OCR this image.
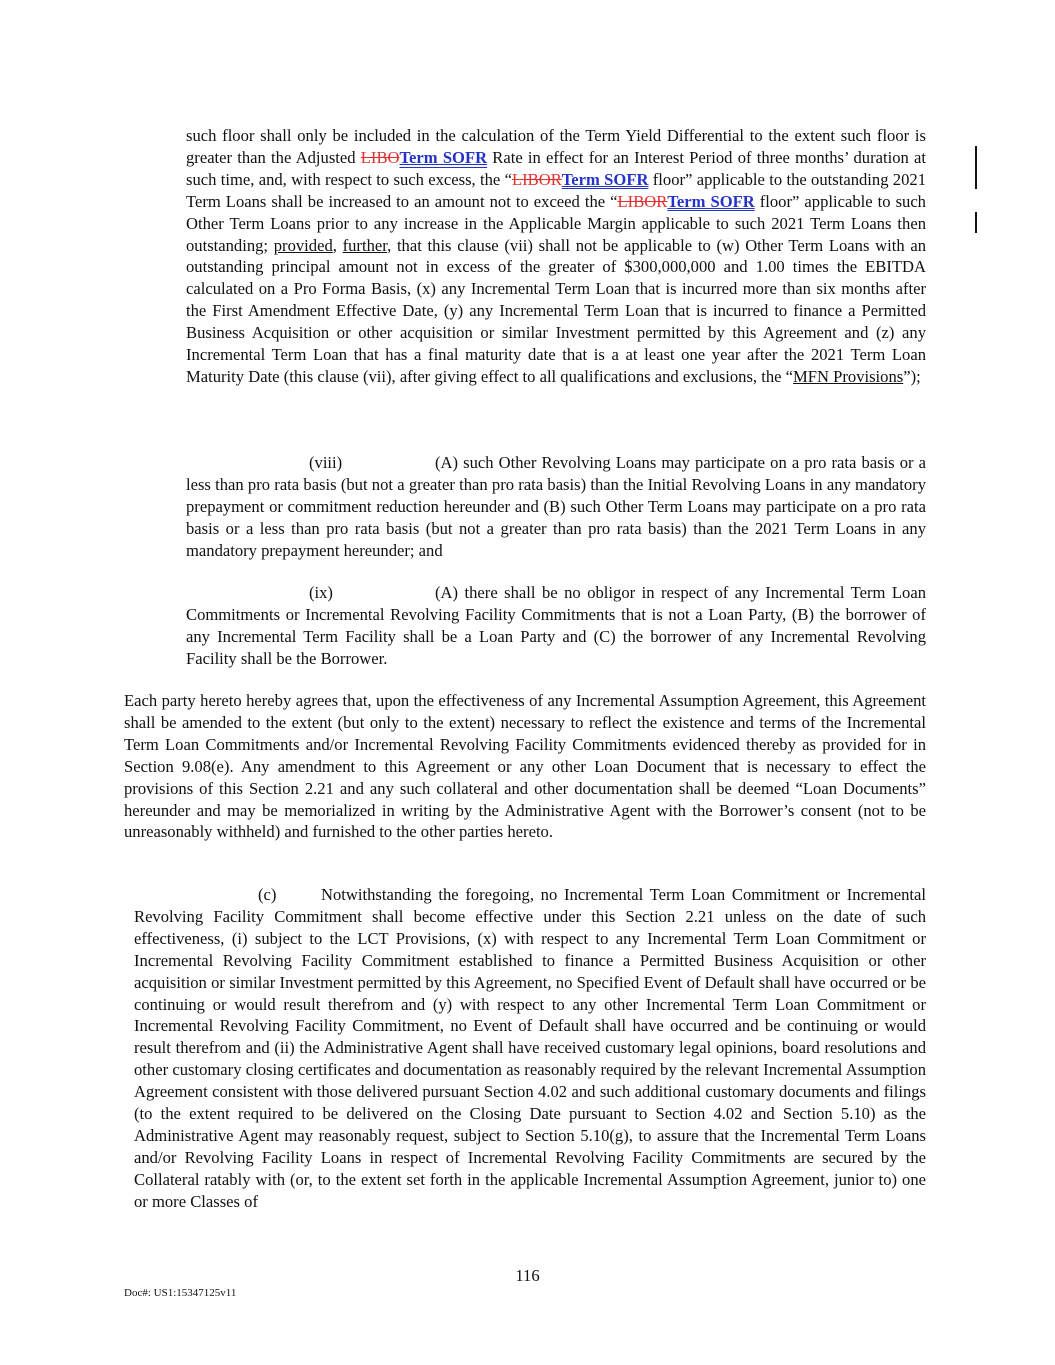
such floor shall only be included in the calculation of the Term Yield Differential to the extent such floor is greater than the Adjusted LIBOTerm SOFR Rate in effect for an Interest Period of three months’ duration at such time, and, with respect to such excess, the “LIBORTerm SOFR floor” applicable to the outstanding 2021 Term Loans shall be increased to an amount not to exceed the “LIBORTerm SOFR floor” applicable to such Other Term Loans prior to any increase in the Applicable Margin applicable to such 2021 Term Loans then outstanding; provided, further, that this clause (vii) shall not be applicable to (w) Other Term Loans with an outstanding principal amount not in excess of the greater of $300,000,000 and 1.00 times the EBITDA calculated on a Pro Forma Basis, (x) any Incremental Term Loan that is incurred more than six months after the First Amendment Effective Date, (y) any Incremental Term Loan that is incurred to finance a Permitted Business Acquisition or other acquisition or similar Investment permitted by this Agreement and (z) any Incremental Term Loan that has a final maturity date that is a at least one year after the 2021 Term Loan Maturity Date (this clause (vii), after giving effect to all qualifications and exclusions, the “MFN Provisions”);

(viii)	(A) such Other Revolving Loans may participate on a pro rata basis or a less than pro rata basis (but not a greater than pro rata basis) than the Initial Revolving Loans in any mandatory prepayment or commitment reduction hereunder and (B) such Other Term Loans may participate on a pro rata basis or a less than pro rata basis (but not a greater than pro rata basis) than the 2021 Term Loans in any mandatory prepayment hereunder; and

(ix)	(A) there shall be no obligor in respect of any Incremental Term Loan Commitments or Incremental Revolving Facility Commitments that is not a Loan Party, (B) the borrower of any Incremental Term Facility shall be a Loan Party and (C) the borrower of any Incremental Revolving Facility shall be the Borrower.

Each party hereto hereby agrees that, upon the effectiveness of any Incremental Assumption Agreement, this Agreement shall be amended to the extent (but only to the extent) necessary to reflect the existence and terms of the Incremental Term Loan Commitments and/or Incremental Revolving Facility Commitments evidenced thereby as provided for in Section 9.08(e). Any amendment to this Agreement or any other Loan Document that is necessary to effect the provisions of this Section 2.21 and any such collateral and other documentation shall be deemed “Loan Documents” hereunder and may be memorialized in writing by the Administrative Agent with the Borrower’s consent (not to be unreasonably withheld) and furnished to the other parties hereto.

(c)	Notwithstanding the foregoing, no Incremental Term Loan Commitment or Incremental Revolving Facility Commitment shall become effective under this Section 2.21 unless on the date of such effectiveness, (i) subject to the LCT Provisions, (x) with respect to any Incremental Term Loan Commitment or Incremental Revolving Facility Commitment established to finance a Permitted Business Acquisition or other acquisition or similar Investment permitted by this Agreement, no Specified Event of Default shall have occurred or be continuing or would result therefrom and (y) with respect to any other Incremental Term Loan Commitment or Incremental Revolving Facility Commitment, no Event of Default shall have occurred and be continuing or would result therefrom and (ii) the Administrative Agent shall have received customary legal opinions, board resolutions and other customary closing certificates and documentation as reasonably required by the relevant Incremental Assumption Agreement consistent with those delivered pursuant Section 4.02 and such additional customary documents and filings (to the extent required to be delivered on the Closing Date pursuant to Section 4.02 and Section 5.10) as the Administrative Agent may reasonably request, subject to Section 5.10(g), to assure that the Incremental Term Loans and/or Revolving Facility Loans in respect of Incremental Revolving Facility Commitments are secured by the Collateral ratably with (or, to the extent set forth in the applicable Incremental Assumption Agreement, junior to) one or more Classes of

116
Doc#: US1:15347125v11
